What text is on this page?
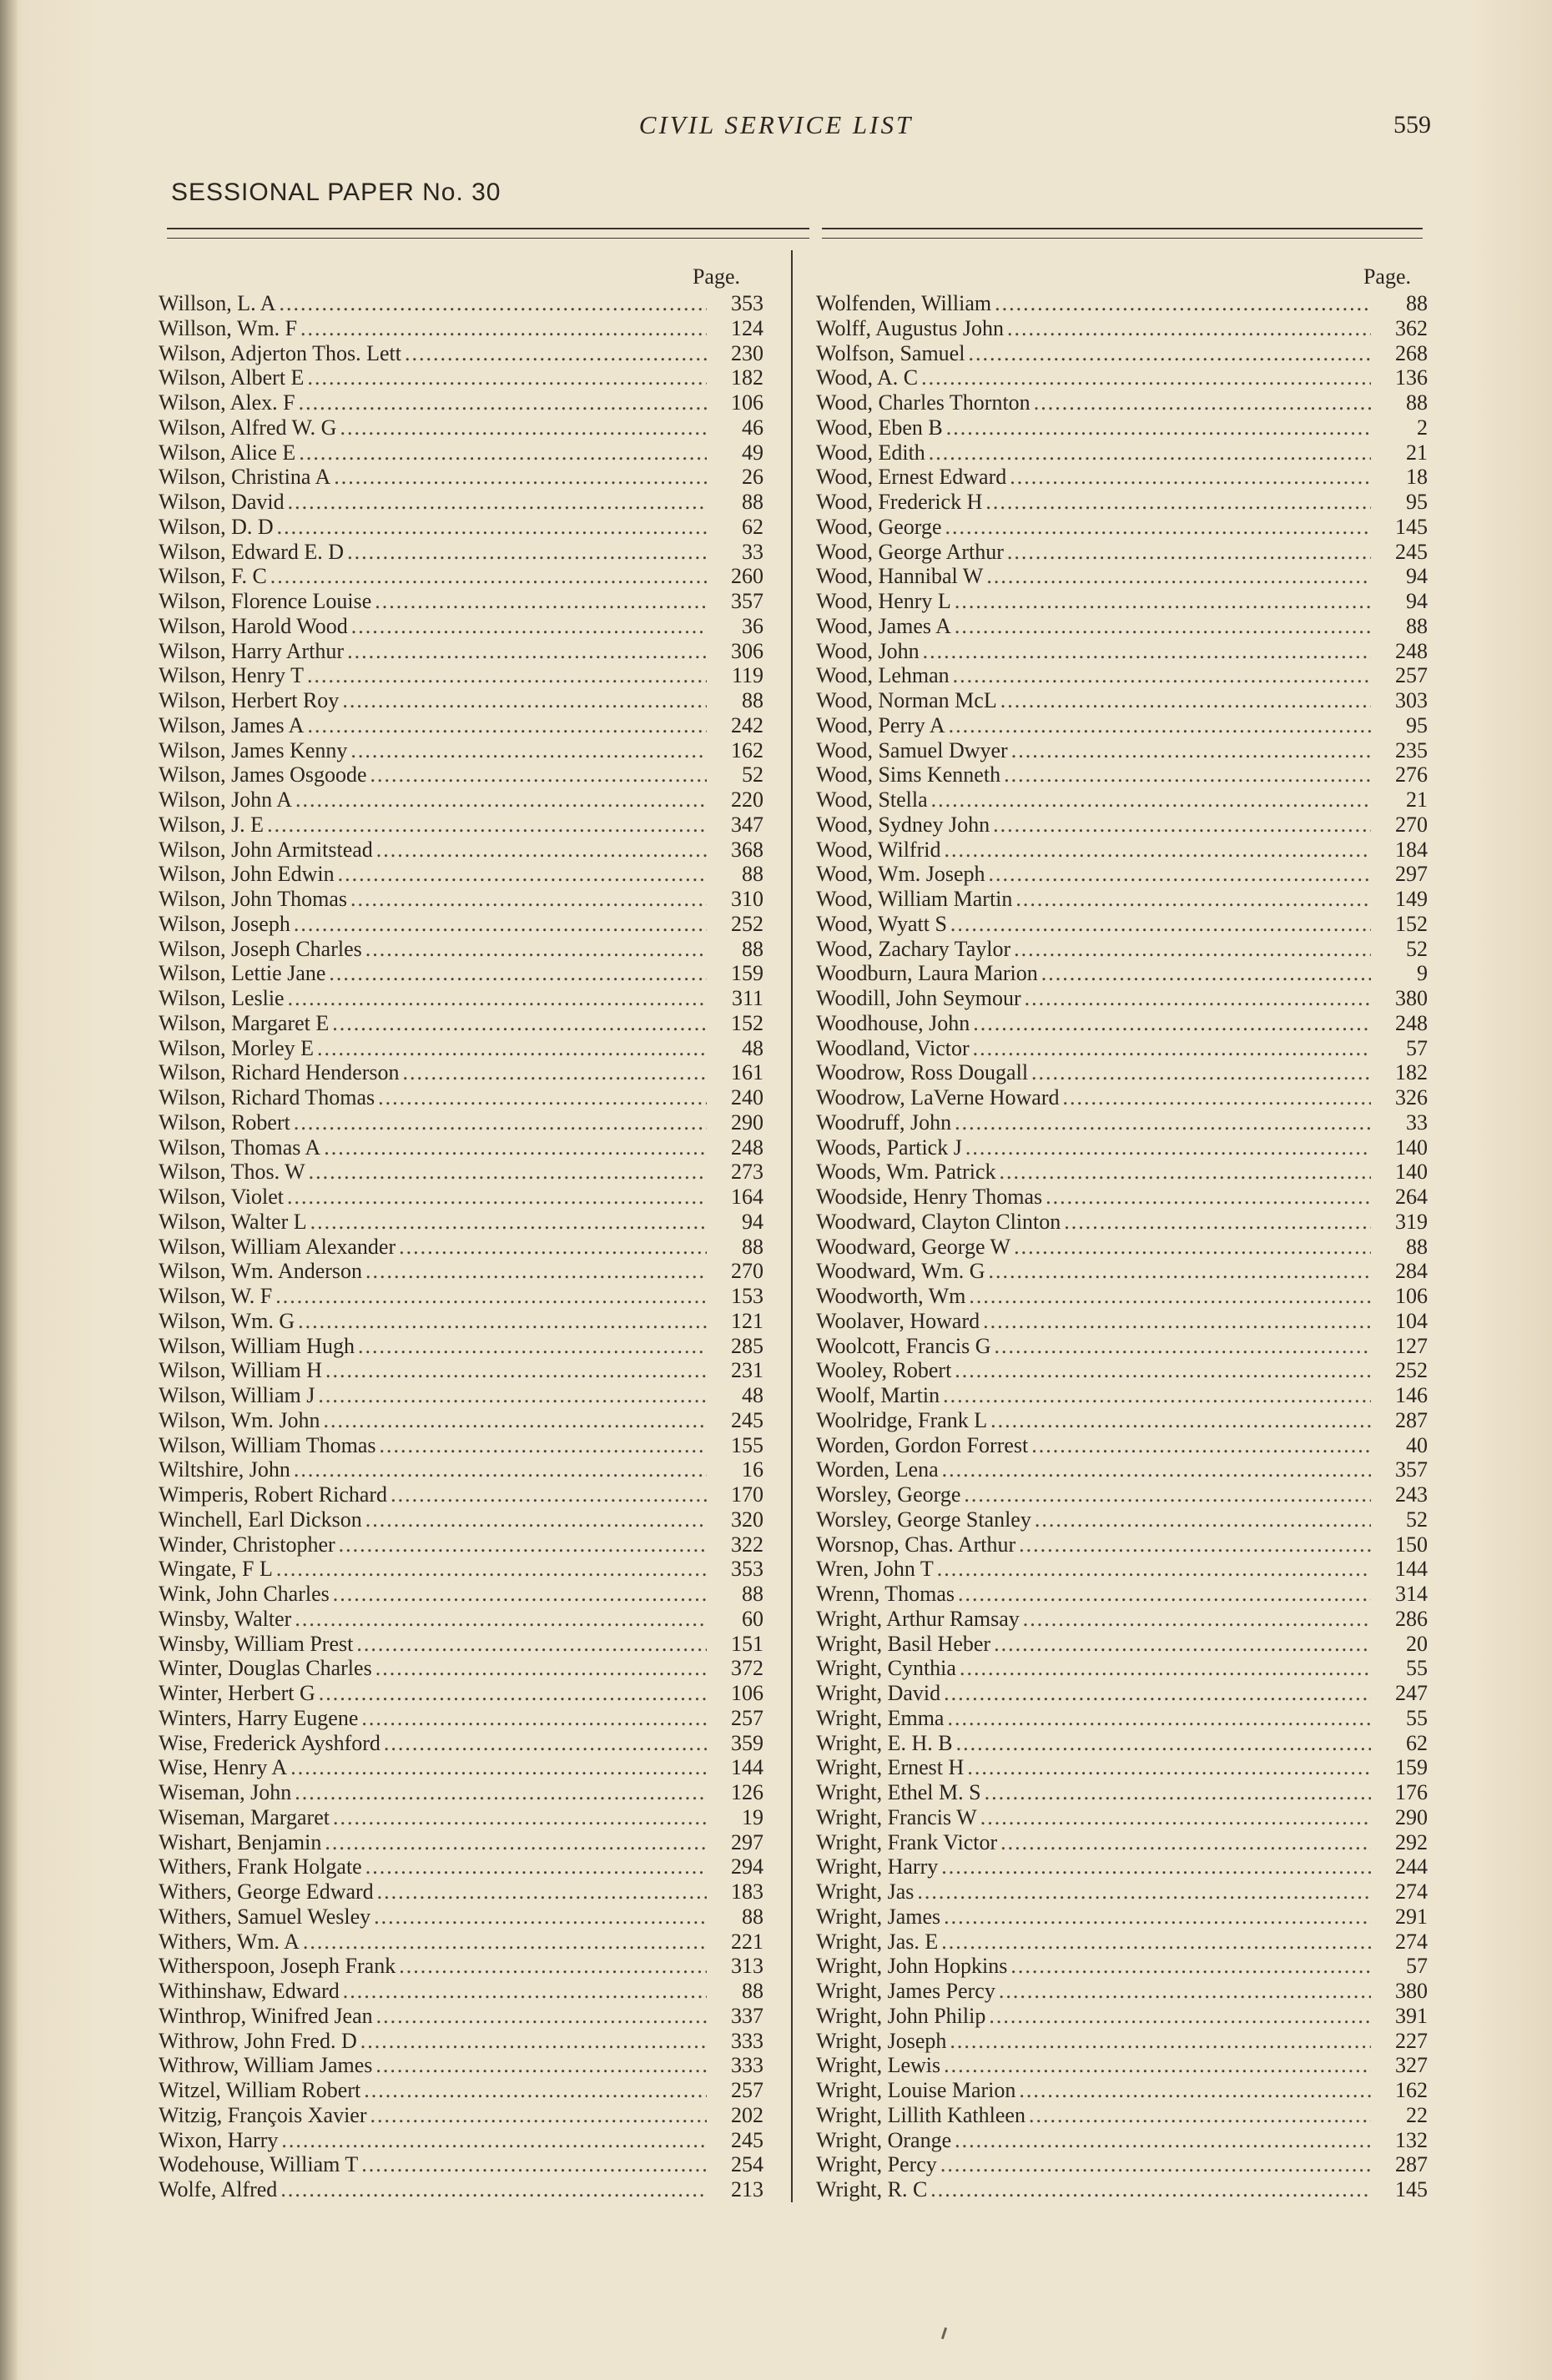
CIVIL SERVICE LIST	559
SESSIONAL PAPER No. 30
Page.
Willson, L. A .....	353
Willson, Wm. F .....	124
Wilson, Adjerton Thos. Lett .....	230
Wilson, Albert E .....	182
Wilson, Alex. F .....	106
Wilson, Alfred W. G .....	46
Wilson, Alice E .....	49
Wilson, Christina A .....	26
Wilson, David .....	88
Wilson, D. D .....	62
Wilson, Edward E. D .....	33
Wilson, F. C .....	260
Wilson, Florence Louise .....	357
Wilson, Harold Wood .....	36
Wilson, Harry Arthur .....	306
Wilson, Henry T .....	119
Wilson, Herbert Roy .....	88
Wilson, James A .....	242
Wilson, James Kenny .....	162
Wilson, James Osgoode .....	52
Wilson, John A .....	220
Wilson, J. E .....	347
Wilson, John Armitstead .....	368
Wilson, John Edwin .....	88
Wilson, John Thomas .....	310
Wilson, Joseph .....	252
Wilson, Joseph Charles .....	88
Wilson, Lettie Jane .....	159
Wilson, Leslie .....	311
Wilson, Margaret E .....	152
Wilson, Morley E .....	48
Wilson, Richard Henderson .....	161
Wilson, Richard Thomas .....	240
Wilson, Robert .....	290
Wilson, Thomas A .....	248
Wilson, Thos. W .....	273
Wilson, Violet .....	164
Wilson, Walter L .....	94
Wilson, William Alexander .....	88
Wilson, Wm. Anderson .....	270
Wilson, W. F .....	153
Wilson, Wm. G .....	121
Wilson, William Hugh .....	285
Wilson, William H .....	231
Wilson, William J .....	48
Wilson, Wm. John .....	245
Wilson, William Thomas .....	155
Wiltshire, John .....	16
Wimperis, Robert Richard .....	170
Winchell, Earl Dickson .....	320
Winder, Christopher .....	322
Wingate, F L .....	353
Wink, John Charles .....	88
Winsby, Walter .....	60
Winsby, William Prest .....	151
Winter, Douglas Charles .....	372
Winter, Herbert G .....	106
Winters, Harry Eugene .....	257
Wise, Frederick Ayshford .....	359
Wise, Henry A .....	144
Wiseman, John .....	126
Wiseman, Margaret .....	19
Wishart, Benjamin .....	297
Withers, Frank Holgate .....	294
Withers, George Edward .....	183
Withers, Samuel Wesley .....	88
Withers, Wm. A .....	221
Witherspoon, Joseph Frank .....	313
Withinshaw, Edward .....	88
Winthrop, Winifred Jean .....	337
Withrow, John Fred. D .....	333
Withrow, William James .....	333
Witzel, William Robert .....	257
Witzig, François Xavier .....	202
Wixon, Harry .....	245
Wodehouse, William T .....	254
Wolfe, Alfred .....	213
Page.
Wolfenden, William .....	88
Wolff, Augustus John .....	362
Wolfson, Samuel .....	268
Wood, A. C .....	136
Wood, Charles Thornton .....	88
Wood, Eben B .....	2
Wood, Edith .....	21
Wood, Ernest Edward .....	18
Wood, Frederick H .....	95
Wood, George .....	145
Wood, George Arthur .....	245
Wood, Hannibal W .....	94
Wood, Henry L .....	94
Wood, James A .....	88
Wood, John .....	248
Wood, Lehman .....	257
Wood, Norman McL .....	303
Wood, Perry A .....	95
Wood, Samuel Dwyer .....	235
Wood, Sims Kenneth .....	276
Wood, Stella .....	21
Wood, Sydney John .....	270
Wood, Wilfrid .....	184
Wood, Wm. Joseph .....	297
Wood, William Martin .....	149
Wood, Wyatt S .....	152
Wood, Zachary Taylor .....	52
Woodburn, Laura Marion .....	9
Woodill, John Seymour .....	380
Woodhouse, John .....	248
Woodland, Victor .....	57
Woodrow, Ross Dougall .....	182
Woodrow, LaVerne Howard .....	326
Woodruff, John .....	33
Woods, Partick J .....	140
Woods, Wm. Patrick .....	140
Woodside, Henry Thomas .....	264
Woodward, Clayton Clinton .....	319
Woodward, George W .....	88
Woodward, Wm. G .....	284
Woodworth, Wm .....	106
Woolaver, Howard .....	104
Woolcott, Francis G .....	127
Wooley, Robert .....	252
Woolf, Martin .....	146
Woolridge, Frank L .....	287
Worden, Gordon Forrest .....	40
Worden, Lena .....	357
Worsley, George .....	243
Worsley, George Stanley .....	52
Worsnop, Chas. Arthur .....	150
Wren, John T .....	144
Wrenn, Thomas .....	314
Wright, Arthur Ramsay .....	286
Wright, Basil Heber .....	20
Wright, Cynthia .....	55
Wright, David .....	247
Wright, Emma .....	55
Wright, E. H. B .....	62
Wright, Ernest H .....	159
Wright, Ethel M. S .....	176
Wright, Francis W .....	290
Wright, Frank Victor .....	292
Wright, Harry .....	244
Wright, Jas .....	274
Wright, James .....	291
Wright, Jas. E .....	274
Wright, John Hopkins .....	57
Wright, James Percy .....	380
Wright, John Philip .....	391
Wright, Joseph .....	227
Wright, Lewis .....	327
Wright, Louise Marion .....	162
Wright, Lillith Kathleen .....	22
Wright, Orange .....	132
Wright, Percy .....	287
Wright, R. C .....	145
